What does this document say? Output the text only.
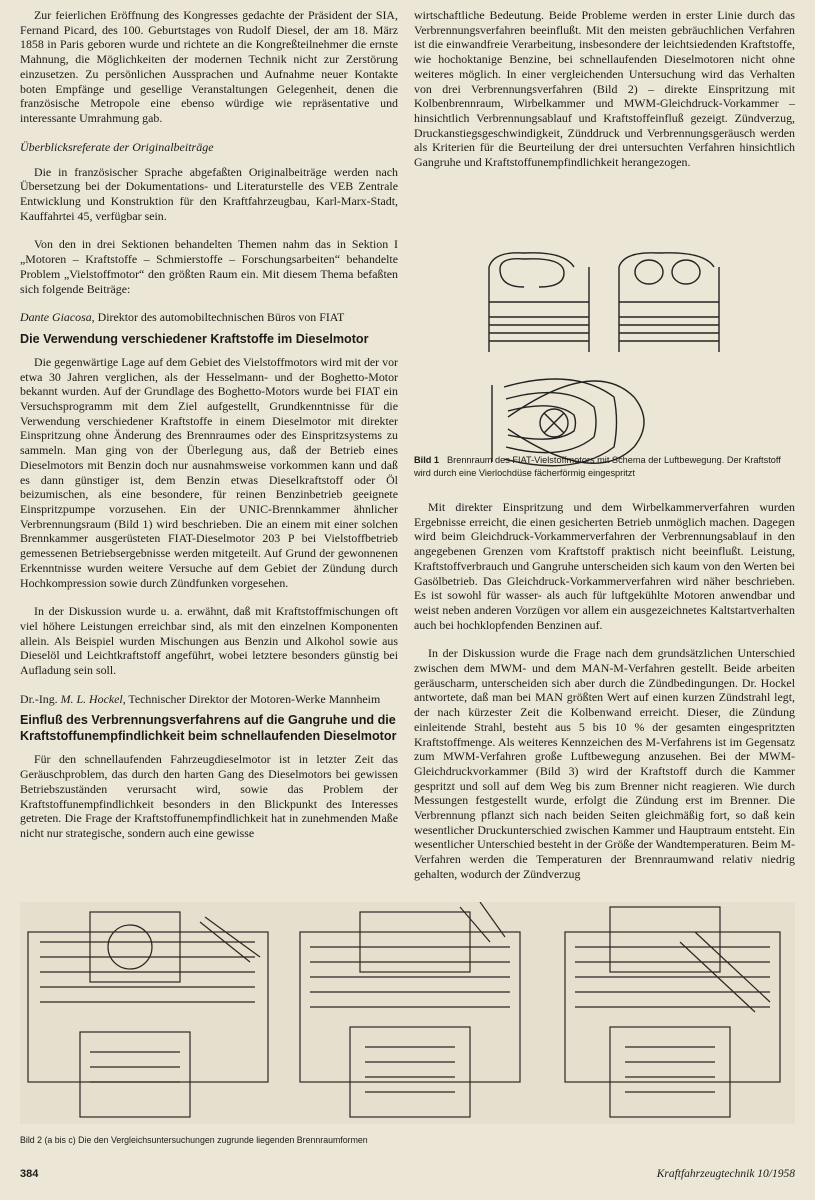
Zur feierlichen Eröffnung des Kongresses gedachte der Präsident der SIA, Fernand Picard, des 100. Geburtstages von Rudolf Diesel, der am 18. März 1858 in Paris geboren wurde und richtete an die Kongreßteilnehmer die ernste Mahnung, die Möglichkeiten der modernen Technik nicht zur Zerstörung einzusetzen. Zu persönlichen Aussprachen und Aufnahme neuer Kontakte boten Empfänge und gesellige Veranstaltungen Gelegenheit, denen die französische Metropole eine ebenso würdige wie repräsentative und interessante Umrahmung gab.

Überblicksreferate der Originalbeiträge

Die in französischer Sprache abgefaßten Originalbeiträge werden nach Übersetzung bei der Dokumentations- und Literaturstelle des VEB Zentrale Entwicklung und Konstruktion für den Kraftfahrzeugbau, Karl-Marx-Stadt, Kauffahrtei 45, verfügbar sein.

Von den in drei Sektionen behandelten Themen nahm das in Sektion I „Motoren – Kraftstoffe – Schmierstoffe – Forschungsarbeiten“ behandelte Problem „Vielstoffmotor“ den größten Raum ein. Mit diesem Thema befaßten sich folgende Beiträge:

Dante Giacosa, Direktor des automobiltechnischen Büros von FIAT
Die Verwendung verschiedener Kraftstoffe im Dieselmotor

Die gegenwärtige Lage auf dem Gebiet des Vielstoffmotors wird mit der vor etwa 30 Jahren verglichen, als der Hesselmann- und der Boghetto-Motor bekannt wurden. Auf der Grundlage des Boghetto-Motors wurde bei FIAT ein Versuchsprogramm mit dem Ziel aufgestellt, Grundkenntnisse für die Verwendung verschiedener Kraftstoffe in einem Dieselmotor mit direkter Einspritzung ohne Änderung des Brennraumes oder des Einspritzsystems zu sammeln. Man ging von der Überlegung aus, daß der Betrieb eines Dieselmotors mit Benzin doch nur ausnahmsweise vorkommen kann und daß es dann günstiger ist, dem Benzin etwas Dieselkraftstoff oder Öl beizumischen, als eine besondere, für reinen Benzinbetrieb geeignete Einspritzpumpe vorzusehen. Ein der UNIC-Brennkammer ähnlicher Verbrennungsraum (Bild 1) wird beschrieben. Die an einem mit einer solchen Brennkammer ausgerüsteten FIAT-Dieselmotor 203 P bei Vielstoffbetrieb gemessenen Betriebsergebnisse werden mitgeteilt. Auf Grund der gewonnenen Erkenntnisse wurden weitere Versuche auf dem Gebiet der Zündung durch Hochkompression sowie durch Zündfunken vorgesehen.

In der Diskussion wurde u. a. erwähnt, daß mit Kraftstoffmischungen oft viel höhere Leistungen erreichbar sind, als mit den einzelnen Komponenten allein. Als Beispiel wurden Mischungen aus Benzin und Alkohol sowie aus Dieselöl und Leichtkraftstoff angeführt, wobei letztere besonders günstig bei Aufladung sein soll.

Dr.-Ing. M. L. Hockel, Technischer Direktor der Motoren-Werke Mannheim
Einfluß des Verbrennungsverfahrens auf die Gangruhe und die Kraftstoffunempfindlichkeit beim schnellaufenden Dieselmotor

Für den schnellaufenden Fahrzeugdieselmotor ist in letzter Zeit das Geräuschproblem, das durch den harten Gang des Dieselmotors bei gewissen Betriebszuständen verursacht wird, sowie das Problem der Kraftstoffunempfindlichkeit besonders in den Blickpunkt des Interesses getreten. Die Frage der Kraftstoffunempfindlichkeit hat in zunehmenden Maße nicht nur strategische, sondern auch eine gewisse

wirtschaftliche Bedeutung. Beide Probleme werden in erster Linie durch das Verbrennungsverfahren beeinflußt. Mit den meisten gebräuchlichen Verfahren ist die einwandfreie Verarbeitung, insbesondere der leichtsiedenden Kraftstoffe, wie hochoktanige Benzine, bei schnellaufenden Dieselmotoren nicht ohne weiteres möglich. In einer vergleichenden Untersuchung wird das Verhalten von drei Verbrennungsverfahren (Bild 2) – direkte Einspritzung mit Kolbenbrennraum, Wirbelkammer und MWM-Gleichdruck-Vorkammer – hinsichtlich Verbrennungsablauf und Kraftstoffeinfluß gezeigt. Zündverzug, Druckanstiegsgeschwindigkeit, Zünddruck und Verbrennungsgeräusch werden als Kriterien für die Beurteilung der drei untersuchten Verfahren hinsichtlich Gangruhe und Kraftstoffunempfindlichkeit herangezogen.

Bild 1 Brennraum des FIAT-Vielstoffmotors mit Schema der Luftbewegung. Der Kraftstoff wird durch eine Vierlochdüse fächerförmig eingespritzt

Mit direkter Einspritzung und dem Wirbelkammerverfahren wurden Ergebnisse erreicht, die einen gesicherten Betrieb unmöglich machen. Dagegen wird beim Gleichdruck-Vorkammerverfahren der Verbrennungsablauf in den angegebenen Grenzen vom Kraftstoff praktisch nicht beeinflußt. Leistung, Kraftstoffverbrauch und Gangruhe unterscheiden sich kaum von den Werten bei Gasölbetrieb. Das Gleichdruck-Vorkammerverfahren wird näher beschrieben. Es ist sowohl für wasser- als auch für luftgekühlte Motoren anwendbar und weist neben anderen Vorzügen vor allem ein ausgezeichnetes Kaltstartverhalten auch bei hochklopfenden Benzinen auf.

In der Diskussion wurde die Frage nach dem grundsätzlichen Unterschied zwischen dem MWM- und dem MAN-M-Verfahren gestellt. Beide arbeiten geräuscharm, unterscheiden sich aber durch die Zündbedingungen. Dr. Hockel antwortete, daß man bei MAN größten Wert auf einen kurzen Zündstrahl legt, der nach kürzester Zeit die Kolbenwand erreicht. Dieser, die Zündung einleitende Strahl, besteht aus 5 bis 10 % der gesamten eingespritzten Kraftstoffmenge. Als weiteres Kennzeichen des M-Verfahrens ist im Gegensatz zum MWM-Verfahren große Luftbewegung anzusehen. Bei der MWM-Gleichdruckvorkammer (Bild 3) wird der Kraftstoff durch die Kammer gespritzt und soll auf dem Weg bis zum Brenner nicht reagieren. Wie durch Messungen festgestellt wurde, erfolgt die Zündung erst im Brenner. Die Verbrennung pflanzt sich nach beiden Seiten gleichmäßig fort, so daß kein wesentlicher Druckunterschied zwischen Kammer und Hauptraum entsteht. Ein wesentlicher Unterschied besteht in der Größe der Wandtemperaturen. Beim M-Verfahren werden die Temperaturen der Brennraumwand relativ niedrig gehalten, wodurch der Zündverzug

Bild 2 (a bis c) Die den Vergleichsuntersuchungen zugrunde liegenden Brennraumformen
384	Kraftfahrzeugtechnik 10/1958
